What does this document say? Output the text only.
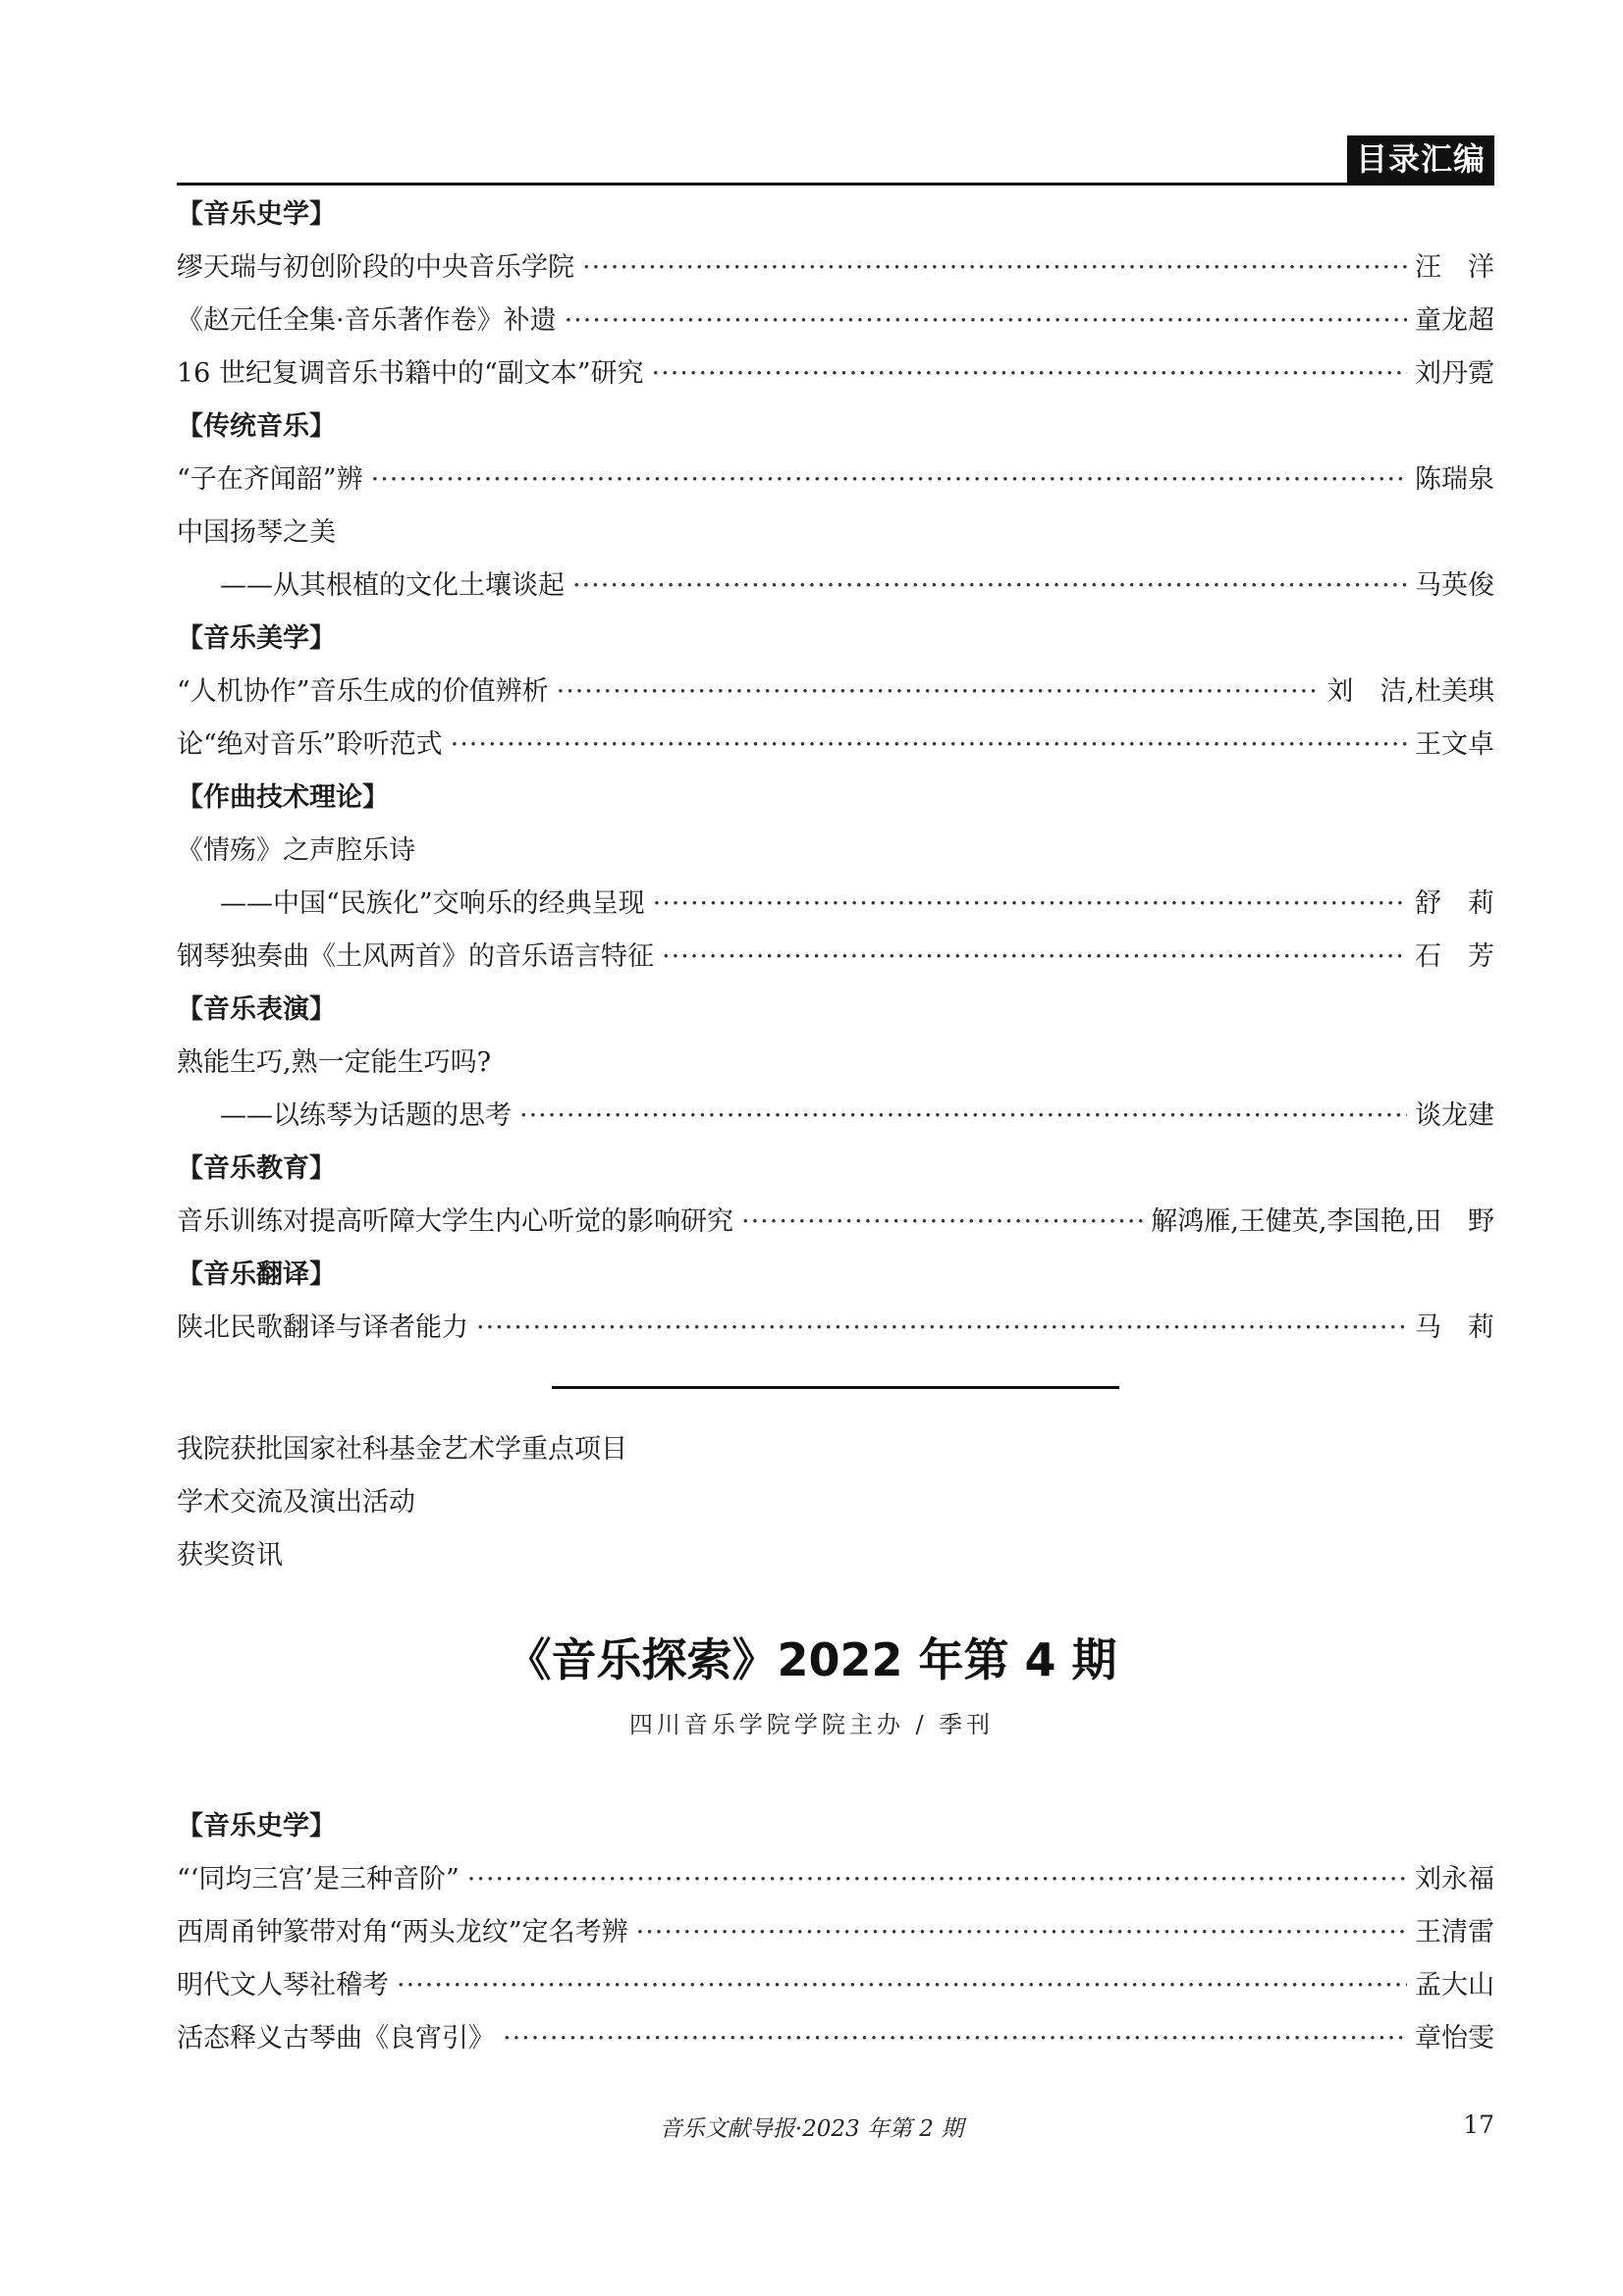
目录汇编
【音乐史学】
缪天瑞与初创阶段的中央音乐学院 ·····	汪　洋
《赵元任全集·音乐著作卷》补遗 ·····	童龙超
16 世纪复调音乐书籍中的“副文本”研究 ·····	刘丹霓
【传统音乐】
“子在齐闻韶”辨 ·····	陈瑞泉
中国扬琴之美
——从其根植的文化土壤谈起 ·····	马英俊
【音乐美学】
“人机协作”音乐生成的价值辨析 ·····	刘　洁,杜美琪
论“绝对音乐”聆听范式 ·····	王文卓
【作曲技术理论】
《情殇》之声腔乐诗
——中国“民族化”交响乐的经典呈现 ·····	舒　莉
钢琴独奏曲《土风两首》的音乐语言特征 ·····	石　芳
【音乐表演】
熟能生巧,熟一定能生巧吗?
——以练琴为话题的思考 ·····	谈龙建
【音乐教育】
音乐训练对提高听障大学生内心听觉的影响研究 ·····	解鸿雁,王健英,李国艳,田　野
【音乐翻译】
陕北民歌翻译与译者能力 ·····	马　莉
我院获批国家社科基金艺术学重点项目
学术交流及演出活动
获奖资讯
《音乐探索》2022 年第 4 期
四川音乐学院学院主办 / 季刊
【音乐史学】
“‘同均三宫’是三种音阶” ·····	刘永福
西周甬钟篆带对角“两头龙纹”定名考辨 ·····	王清雷
明代文人琴社稽考 ·····	孟大山
活态释义古琴曲《良宵引》 ·····	章怡雯
音乐文献导报·2023 年第 2 期	17
